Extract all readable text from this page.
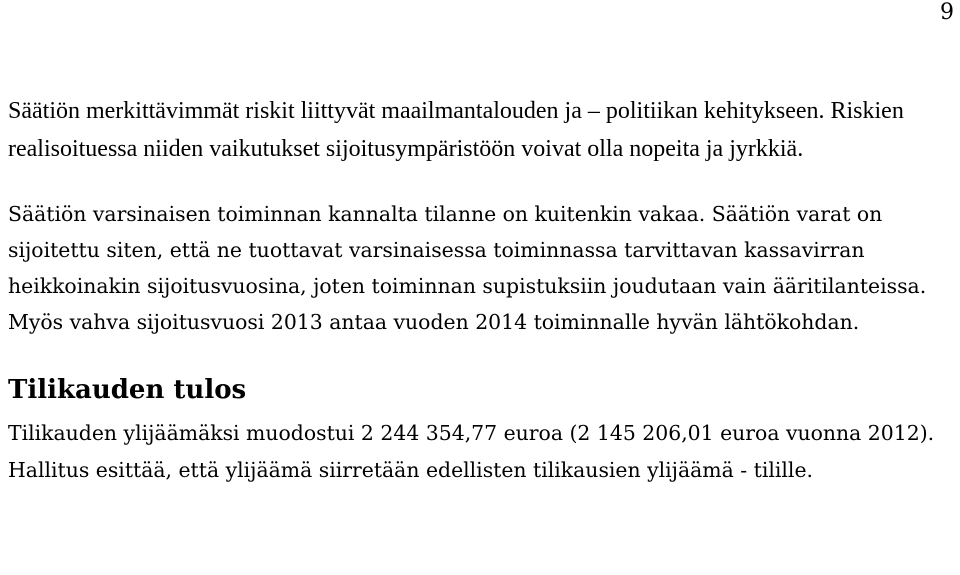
9

Säätiön merkittävimmät riskit liittyvät maailmantalouden ja – politiikan kehitykseen. Riskien realisoituessa niiden vaikutukset sijoitusympäristöön voivat olla nopeita ja jyrkkiä.

Säätiön varsinaisen toiminnan kannalta tilanne on kuitenkin vakaa. Säätiön varat on sijoitettu siten, että ne tuottavat varsinaisessa toiminnassa tarvittavan kassavirran heikkoinakin sijoitusvuosina, joten toiminnan supistuksiin joudutaan vain ääritilanteissa. Myös vahva sijoitusvuosi 2013 antaa vuoden 2014 toiminnalle hyvän lähtökohdan.

Tilikauden tulos

Tilikauden ylijäämäksi muodostui 2 244 354,77 euroa (2 145 206,01 euroa vuonna 2012). Hallitus esittää, että ylijäämä siirretään edellisten tilikausien ylijäämä - tilille.
